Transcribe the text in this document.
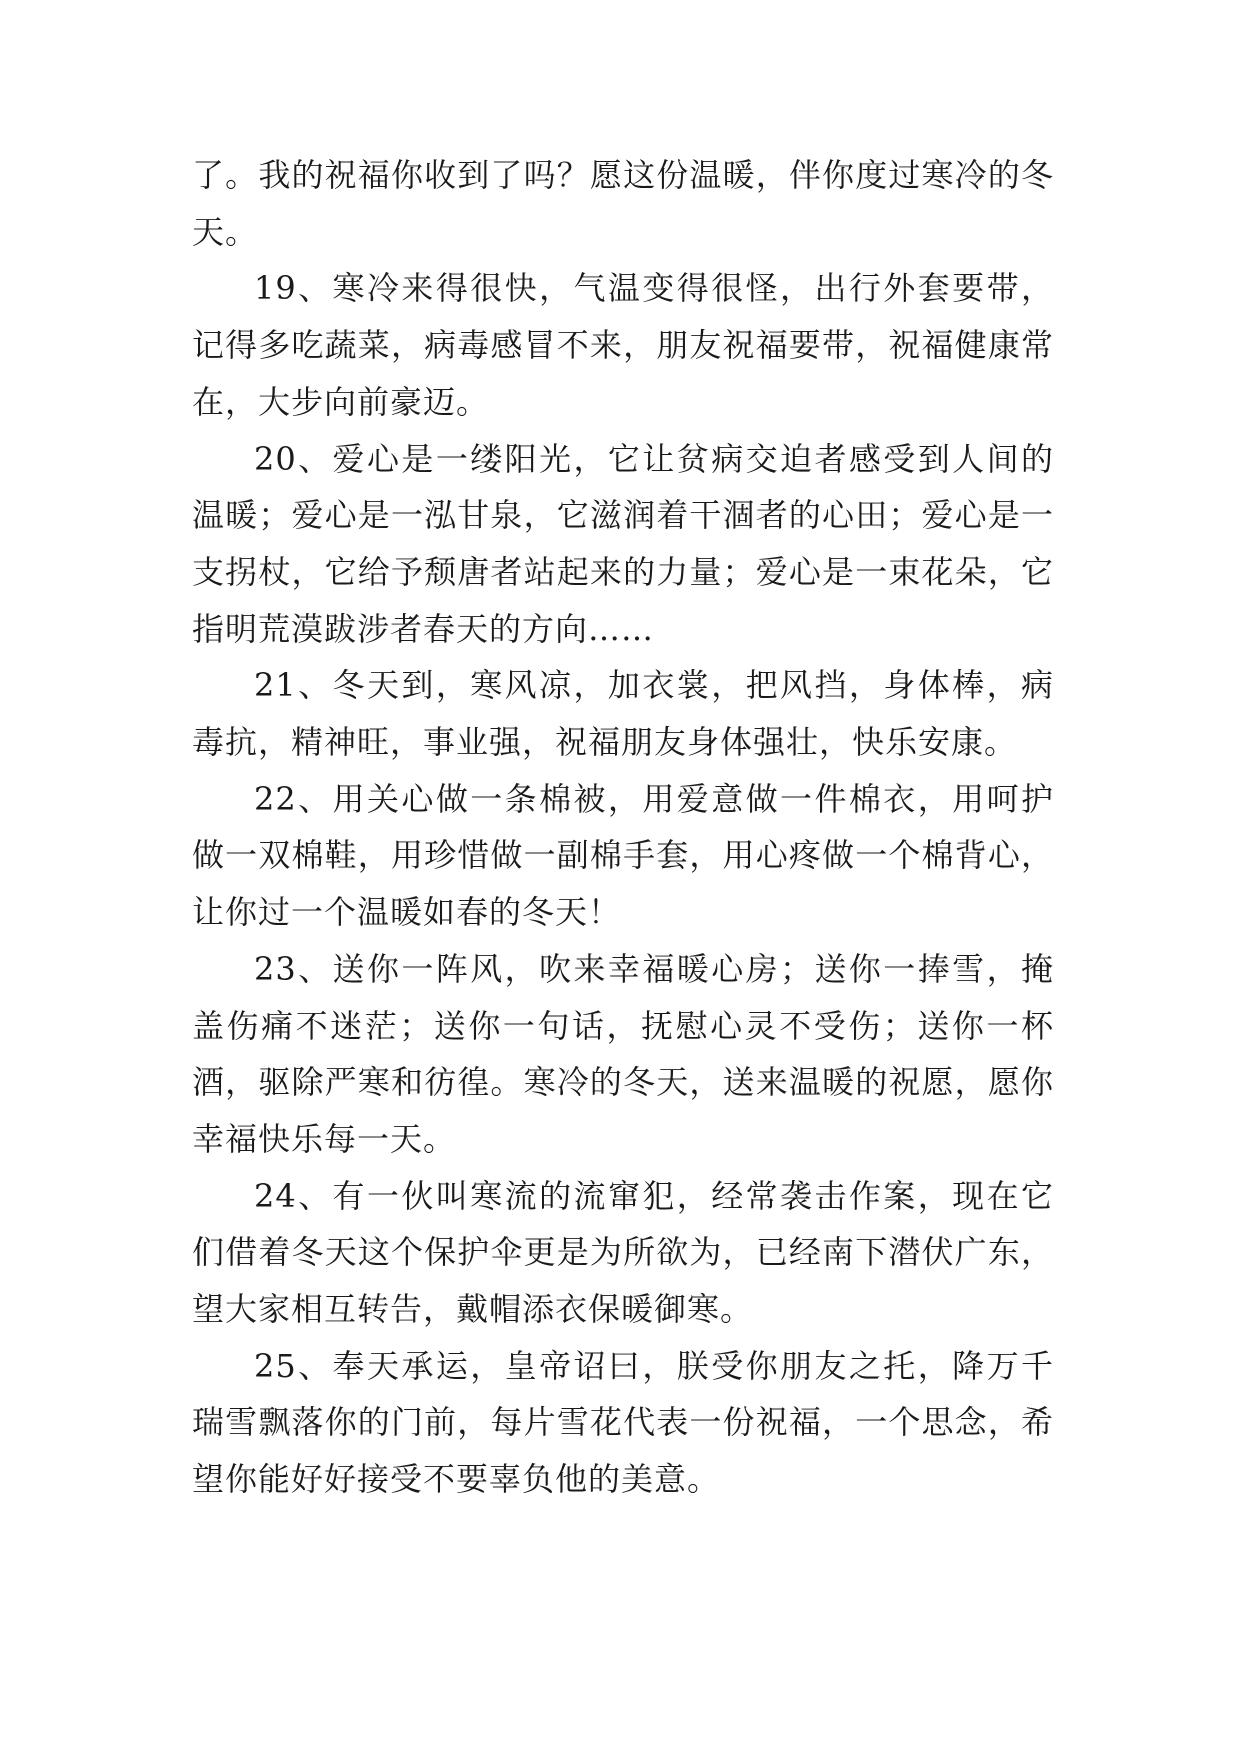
了。我的祝福你收到了吗？愿这份温暖，伴你度过寒冷的冬天。

19、寒冷来得很快，气温变得很怪，出行外套要带，记得多吃蔬菜，病毒感冒不来，朋友祝福要带，祝福健康常在，大步向前豪迈。

20、爱心是一缕阳光，它让贫病交迫者感受到人间的温暖；爱心是一泓甘泉，它滋润着干涸者的心田；爱心是一支拐杖，它给予颓唐者站起来的力量；爱心是一束花朵，它指明荒漠跋涉者春天的方向……

21、冬天到，寒风凉，加衣裳，把风挡，身体棒，病毒抗，精神旺，事业强，祝福朋友身体强壮，快乐安康。

22、用关心做一条棉被，用爱意做一件棉衣，用呵护做一双棉鞋，用珍惜做一副棉手套，用心疼做一个棉背心，让你过一个温暖如春的冬天！

23、送你一阵风，吹来幸福暖心房；送你一捧雪，掩盖伤痛不迷茫；送你一句话，抚慰心灵不受伤；送你一杯酒，驱除严寒和彷徨。寒冷的冬天，送来温暖的祝愿，愿你幸福快乐每一天。

24、有一伙叫寒流的流窜犯，经常袭击作案，现在它们借着冬天这个保护伞更是为所欲为，已经南下潜伏广东，望大家相互转告，戴帽添衣保暖御寒。

25、奉天承运，皇帝诏曰，朕受你朋友之托，降万千瑞雪飘落你的门前，每片雪花代表一份祝福，一个思念，希望你能好好接受不要辜负他的美意。
